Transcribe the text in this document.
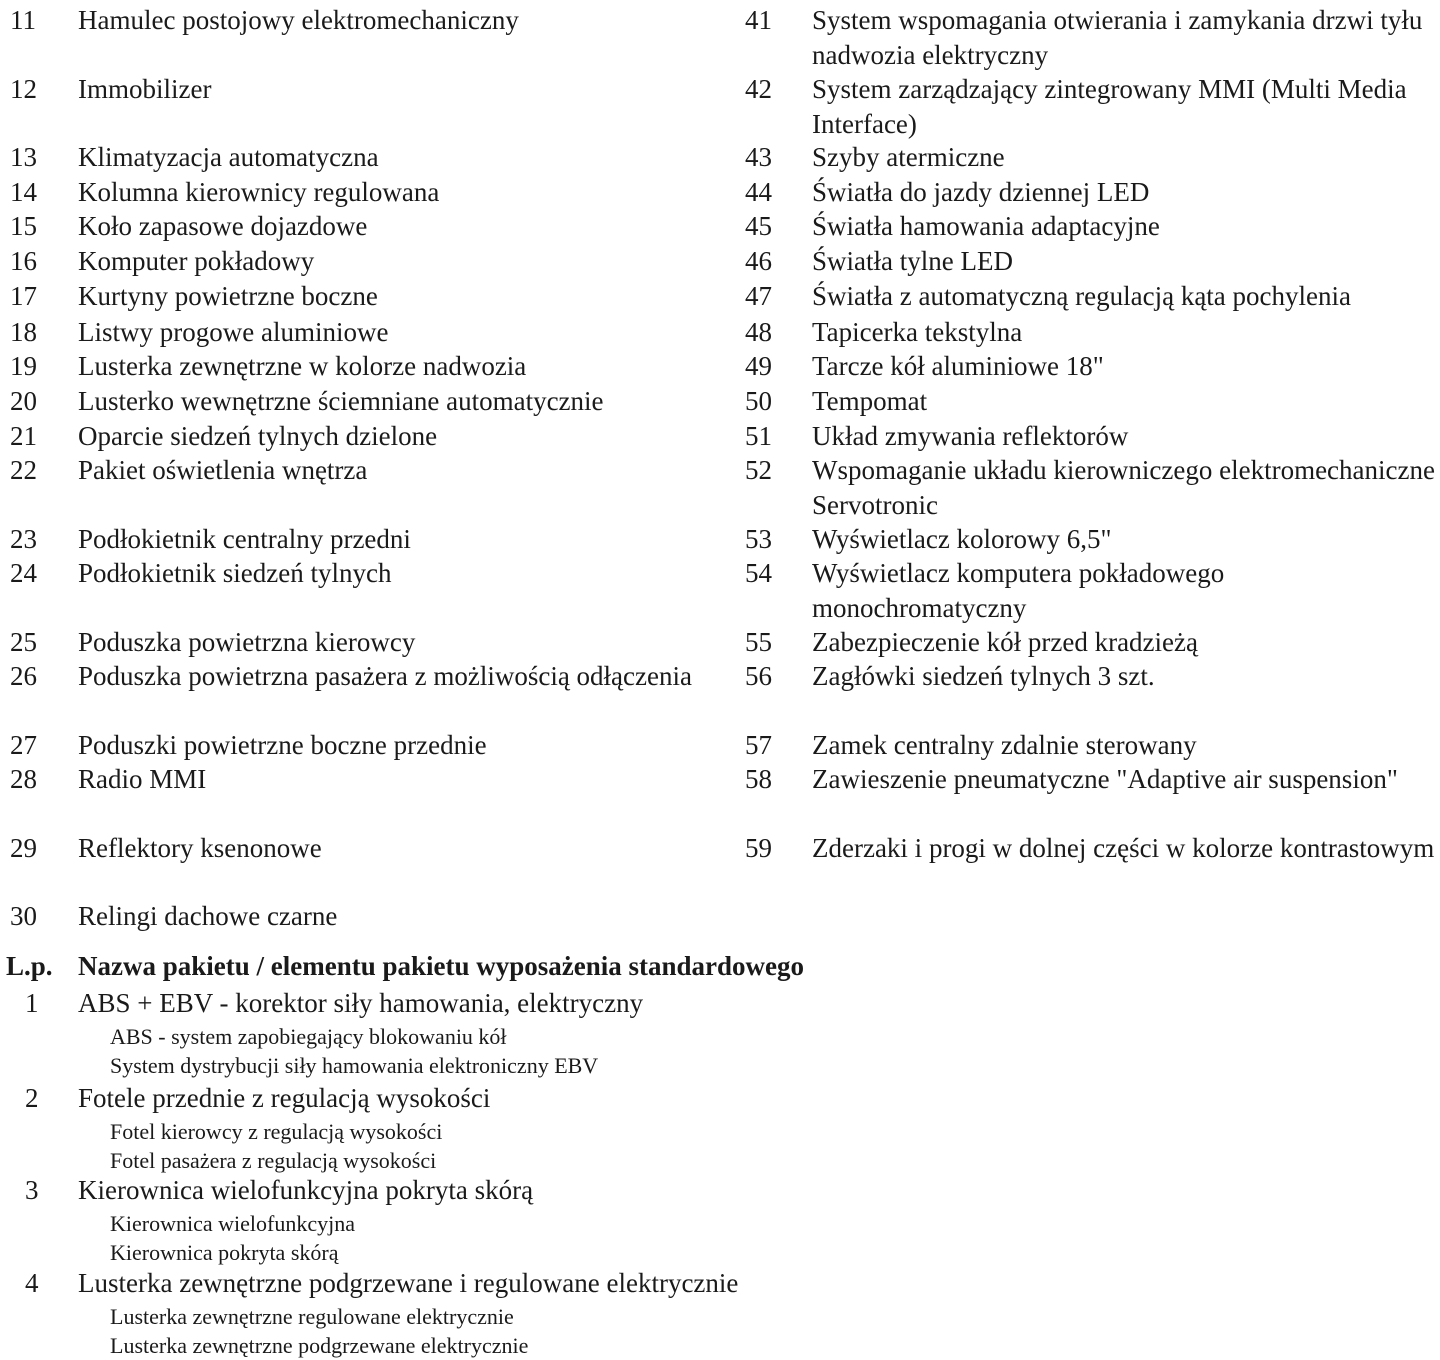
L.p. Nazwa pakietu / elementu pakietu wyposażenia standardowego
11 Hamulec postojowy elektromechaniczny
12 Immobilizer
13 Klimatyzacja automatyczna
14 Kolumna kierownicy regulowana
15 Koło zapasowe dojazdowe
16 Komputer pokładowy
17 Kurtyny powietrzne boczne
18 Listwy progowe aluminiowe
19 Lusterka zewnętrzne w kolorze nadwozia
20 Lusterko wewnętrzne ściemniane automatycznie
21 Oparcie siedzeń tylnych dzielone
22 Pakiet oświetlenia wnętrza
23 Podłokietnik centralny przedni
24 Podłokietnik siedzeń tylnych
25 Poduszka powietrzna kierowcy
26 Poduszka powietrzna pasażera z możliwością odłączenia
27 Poduszki powietrzne boczne przednie
28 Radio MMI
29 Reflektory ksenonowe
30 Relingi dachowe czarne
41 System wspomagania otwierania i zamykania drzwi tyłu nadwozia elektryczny
42 System zarządzający zintegrowany MMI (Multi Media Interface)
43 Szyby atermiczne
44 Światła do jazdy dziennej LED
45 Światła hamowania adaptacyjne
46 Światła tylne LED
47 Światła z automatyczną regulacją kąta pochylenia
48 Tapicerka tekstylna
49 Tarcze kół aluminiowe 18"
50 Tempomat
51 Układ zmywania reflektorów
52 Wspomaganie układu kierowniczego elektromechaniczne Servotronic
53 Wyświetlacz kolorowy 6,5"
54 Wyświetlacz komputera pokładowego monochromatyczny
55 Zabezpieczenie kół przed kradzieżą
56 Zagłówki siedzeń tylnych 3 szt.
57 Zamek centralny zdalnie sterowany
58 Zawieszenie pneumatyczne "Adaptive air suspension"
59 Zderzaki i progi w dolnej części w kolorze kontrastowym
1 ABS + EBV - korektor siły hamowania, elektryczny
ABS - system zapobiegający blokowaniu kół
System dystrybucji siły hamowania elektroniczny EBV
2 Fotele przednie z regulacją wysokości
Fotel kierowcy z regulacją wysokości
Fotel pasażera z regulacją wysokości
3 Kierownica wielofunkcyjna pokryta skórą
Kierownica wielofunkcyjna
Kierownica pokryta skórą
4 Lusterka zewnętrzne podgrzewane i regulowane elektrycznie
Lusterka zewnętrzne regulowane elektrycznie
Lusterka zewnętrzne podgrzewane elektrycznie
